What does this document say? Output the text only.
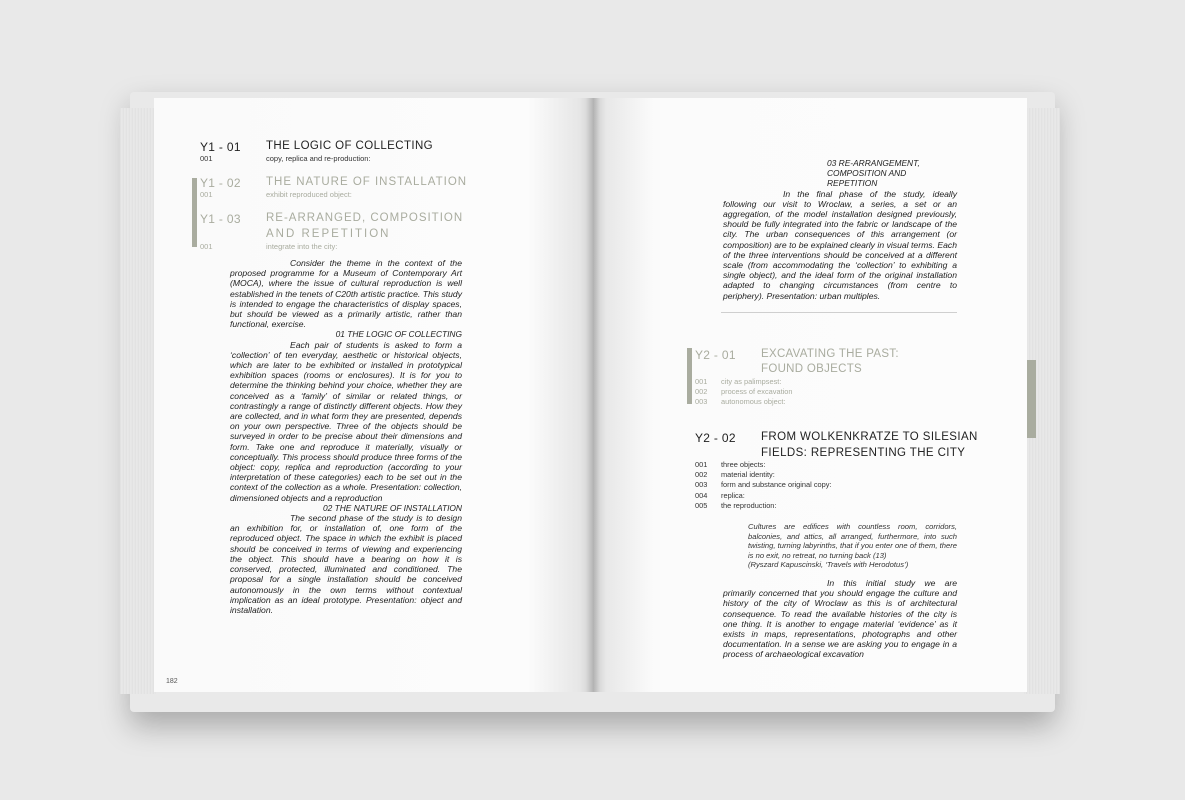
Y1 - 01 THE LOGIC OF COLLECTING
001	copy, replica and re-production:
Y1 - 02 THE NATURE OF INSTALLATION
001	exhibit reproduced object:
Y1 - 03 RE-ARRANGED, COMPOSITION
AND REPETITION
001	integrate into the city:

Consider the theme in the context of the proposed programme for a Museum of Contemporary Art (MOCA), where the issue of cultural reproduction is well established in the tenets of C20th artistic practice. This study is intended to engage the characteristics of display spaces, but should be viewed as a primarily artistic, rather than functional, exercise.

01 THE LOGIC OF COLLECTING

Each pair of students is asked to form a ‘collection’ of ten everyday, aesthetic or historical objects, which are later to be exhibited or installed in prototypical exhibition spaces (rooms or enclosures). It is for you to determine the thinking behind your choice, whether they are conceived as a ‘family’ of similar or related things, or contrastingly a range of distinctly different objects. How they are collected, and in what form they are presented, depends on your own perspective. Three of the objects should be surveyed in order to be precise about their dimensions and form. Take one and reproduce it materially, visually or conceptually. This process should produce three forms of the object: copy, replica and reproduction (according to your interpretation of these categories) each to be set out in the context of the collection as a whole. Presentation: collection, dimensioned objects and a reproduction

02 THE NATURE OF INSTALLATION

The second phase of the study is to design an exhibition for, or installation of, one form of the reproduced object. The space in which the exhibit is placed should be conceived in terms of viewing and experiencing the object. This should have a bearing on how it is conserved, protected, illuminated and conditioned. The proposal for a single installation should be conceived autonomously in the own terms without contextual implication as an ideal prototype. Presentation: object and installation.

182
03 RE-ARRANGEMENT,
COMPOSITION AND REPETITION

In the final phase of the study, ideally following our visit to Wroclaw, a series, a set or an aggregation, of the model installation designed previously, should be fully integrated into the fabric or landscape of the city. The urban consequences of this arrangement (or composition) are to be explained clearly in visual terms. Each of the three interventions should be conceived at a different scale (from accommodating the ‘collection’ to exhibiting a single object), and the ideal form of the original installation adapted to changing circumstances (from centre to periphery). Presentation: urban multiples.

Y2 - 01 EXCAVATING THE PAST:
FOUND OBJECTS
001 city as palimpsest:
002 process of excavation
003 autonomous object:
Y2 - 02 FROM WOLKENKRATZE TO SILESIAN
FIELDS: REPRESENTING THE CITY
001 three objects:
002 material identity:
003 form and substance original copy:
004 replica:
005 the reproduction:
Cultures are edifices with countless room, corridors, balconies, and attics, all arranged, furthermore, into such twisting, turning labyrinths, that if you enter one of them, there is no exit, no retreat, no turning back (13)
(Ryszard Kapuscinski, ‘Travels with Herodotus’)

In this initial study we are primarily concerned that you should engage the culture and history of the city of Wroclaw as this is of architectural consequence. To read the available histories of the city is one thing. It is another to engage material ‘evidence’ as it exists in maps, representations, photographs and other documentation. In a sense we are asking you to engage in a process of archaeological excavation
